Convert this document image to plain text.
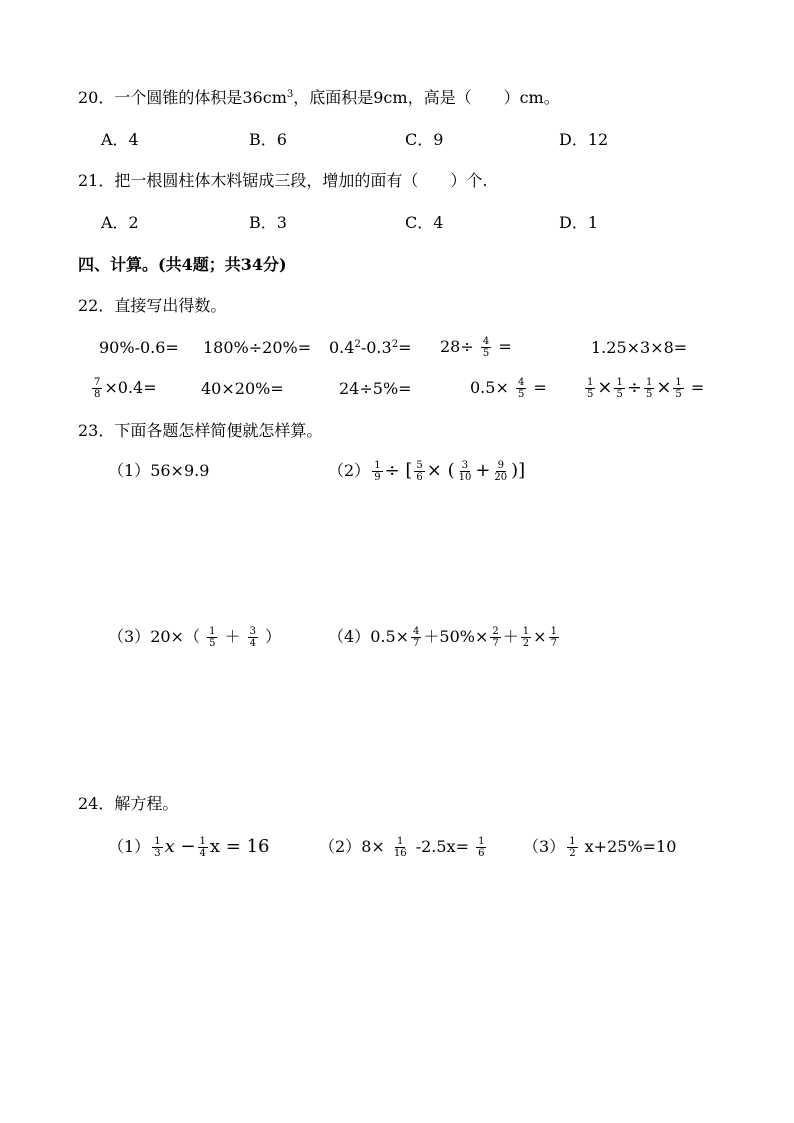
20．一个圆锥的体积是$36cm^3$，底面积是9cm，高是（　　）cm。
A．4	B．6	C．9	D．12
21．把一根圆柱体木料锯成三段，增加的面有（　　）个.
A．2	B．3	C．4	D．1
四、计算。(共4题；共34分)
22．直接写出得数。
$90\%-0.6= 180\%\div 20\%= 0.4^2-0.3^2= 28\div \frac{4}{5}$ =	1.25×3×8=
$\frac{7}{8} \times 0.4=$	40×20%=	24÷5%=	$0.5\times \frac{4}{5}$ =	$\frac{1}{5} \times \frac{1}{5} \div \frac{1}{5} \times \frac{1}{5}$ =
23．下面各题怎样简便就怎样算。
（1）56×9.9	$(2) \frac{1}{9}$ ÷ [ $\frac{5}{6}$ × ( $\frac{3}{10} + \frac{9}{20}$ )]
$(3)20\times( \frac{1}{5} + \frac{3}{4}$ ）	$(4)0.5\times \frac{4}{7} +50\%\times \frac{2}{7} + \frac{1}{2} \times \frac{1}{7}$
24．解方程。
$(1) \frac{1}{3}$ $x - \frac{1}{4}$ x = 16	$(2)8\times \frac{1}{16} -2.5x= \frac{1}{6} (3) \frac{1}{2} x+25\%=10$
